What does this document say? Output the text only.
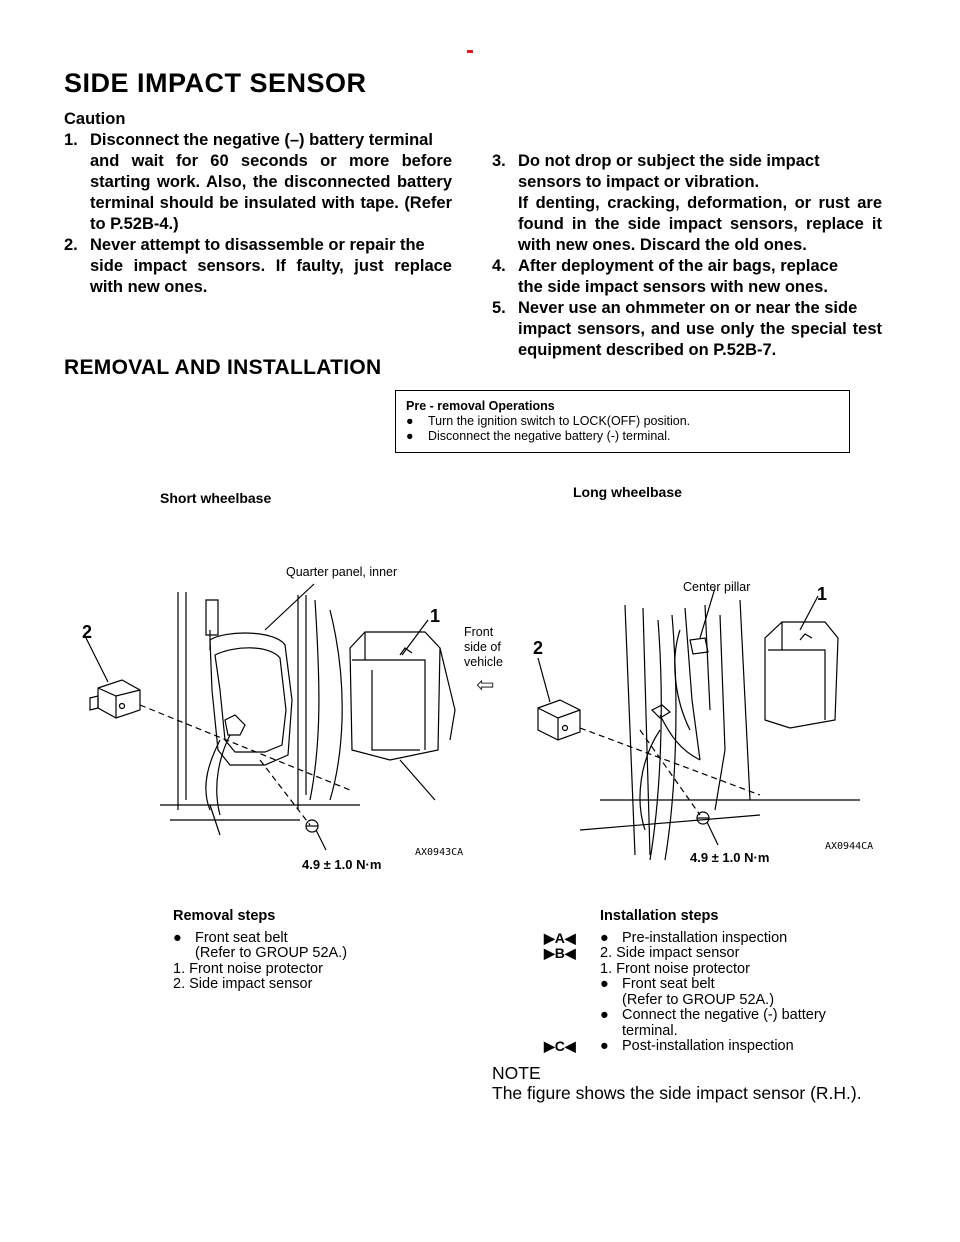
SIDE IMPACT SENSOR
Caution
1. Disconnect the negative (–) battery terminal
and wait for 60 seconds or more before starting work. Also, the disconnected battery terminal should be insulated with tape. (Refer to P.52B-4.)
2. Never attempt to disassemble or repair the
side impact sensors. If faulty, just replace with new ones.
3. Do not drop or subject the side impact
sensors to impact or vibration.
If denting, cracking, deformation, or rust are found in the side impact sensors, replace it with new ones. Discard the old ones.
4. After deployment of the air bags, replace
the side impact sensors with new ones.
5. Never use an ohmmeter on or near the side
impact sensors, and use only the special test equipment described on P.52B-7.
REMOVAL AND INSTALLATION
Pre - removal Operations
●	Turn the ignition switch to LOCK(OFF) position.
●	Disconnect the negative battery (-) terminal.
Short wheelbase	Long wheelbase
Quarter panel, inner
Center pillar
1
2
1
2
Front
side of
vehicle
⇦
4.9 ± 1.0 N·m	4.9 ± 1.0 N·m
AX0943CA
AX0944CA
Removal steps
● Front seat belt
(Refer to GROUP 52A.)
1. Front noise protector
2. Side impact sensor
Installation steps
▶A◀	● Pre-installation inspection
▶B◀	2. Side impact sensor
1. Front noise protector
● Front seat belt
(Refer to GROUP 52A.)
● Connect the negative (-) battery
terminal.
▶C◀	● Post-installation inspection
NOTE
The figure shows the side impact sensor (R.H.).
